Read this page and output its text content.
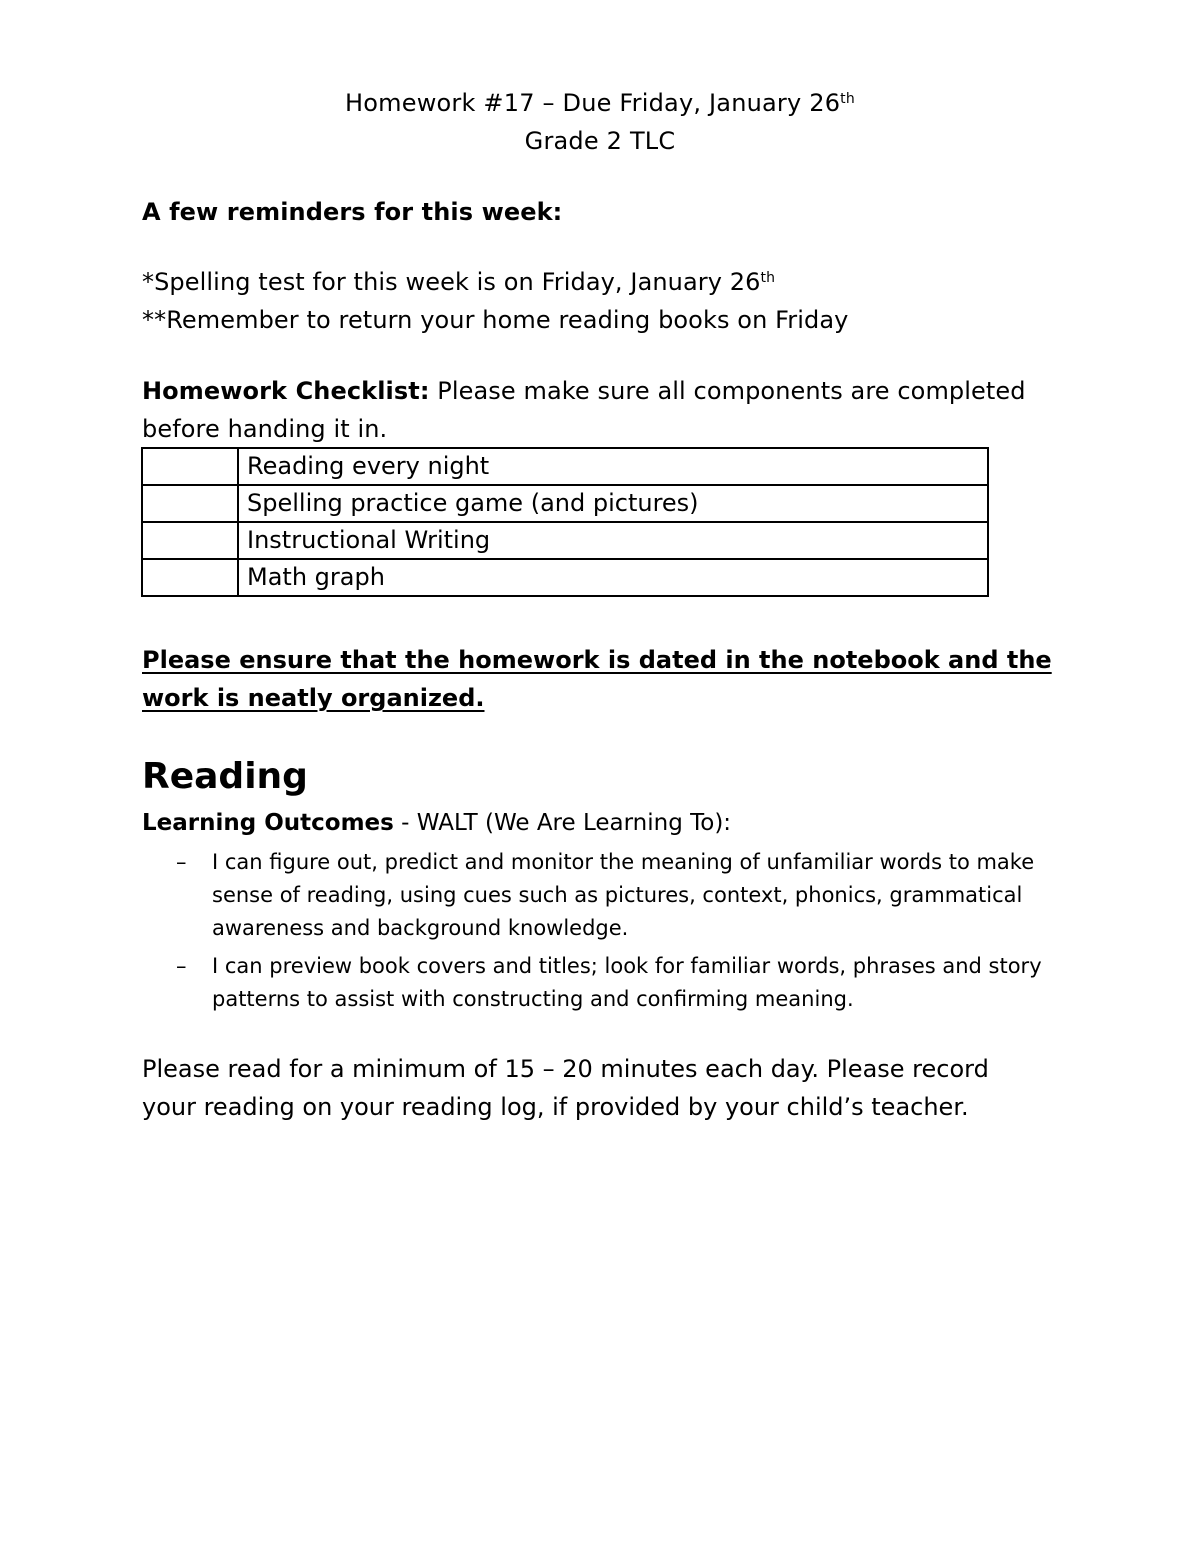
Homework #17 – Due Friday, January 26th
Grade 2 TLC
A few reminders for this week:
*Spelling test for this week is on Friday, January 26th
**Remember to return your home reading books on Friday
Homework Checklist: Please make sure all components are completed
before handing it in.
	Reading every night
	Spelling practice game (and pictures)
	Instructional Writing
	Math graph
Please ensure that the homework is dated in the notebook and the
work is neatly organized.
Reading
Learning Outcomes - WALT (We Are Learning To):
– I can figure out, predict and monitor the meaning of unfamiliar words to make sense of reading, using cues such as pictures, context, phonics, grammatical awareness and background knowledge.
– I can preview book covers and titles; look for familiar words, phrases and story patterns to assist with constructing and confirming meaning.
Please read for a minimum of 15 – 20 minutes each day. Please record
your reading on your reading log, if provided by your child’s teacher.
